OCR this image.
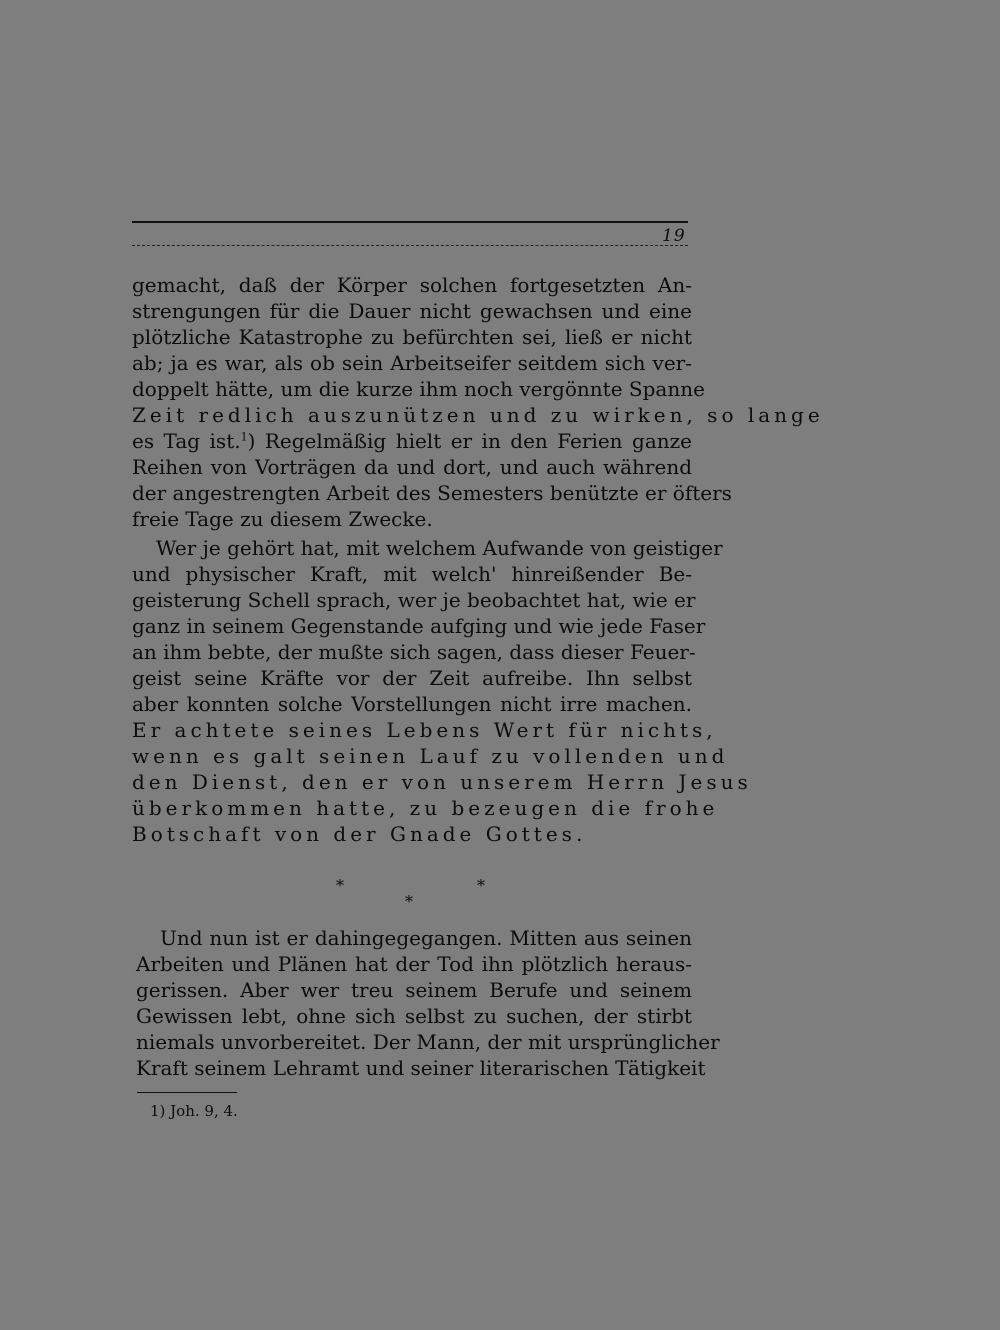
19
gemacht, daß der Körper solchen fortgesetzten An-
strengungen für die Dauer nicht gewachsen und eine
plötzliche Katastrophe zu befürchten sei, ließ er nicht
ab; ja es war, als ob sein Arbeitseifer seitdem sich ver-
doppelt hätte, um die kurze ihm noch vergönnte Spanne
Zeit redlich auszunützen und zu wirken, so lange
es Tag ist.$^1$) Regelmäßig hielt er in den Ferien ganze
Reihen von Vorträgen da und dort, und auch während
der angestrengten Arbeit des Semesters benützte er öfters
freie Tage zu diesem Zwecke.
Wer je gehört hat, mit welchem Aufwande von geistiger
und physischer Kraft, mit welch' hinreißender Be-
geisterung Schell sprach, wer je beobachtet hat, wie er
ganz in seinem Gegenstande aufging und wie jede Faser
an ihm bebte, der mußte sich sagen, dass dieser Feuer-
geist seine Kräfte vor der Zeit aufreibe. Ihn selbst
aber konnten solche Vorstellungen nicht irre machen.
Er achtete seines Lebens Wert für nichts,
wenn es galt seinen Lauf zu vollenden und
den Dienst, den er von unserem Herrn Jesus
überkommen hatte, zu bezeugen die frohe
Botschaft von der Gnade Gottes.
*
*
*
Und nun ist er dahingegegangen. Mitten aus seinen
Arbeiten und Plänen hat der Tod ihn plötzlich heraus-
gerissen. Aber wer treu seinem Berufe und seinem
Gewissen lebt, ohne sich selbst zu suchen, der stirbt
niemals unvorbereitet. Der Mann, der mit ursprünglicher
Kraft seinem Lehramt und seiner literarischen Tätigkeit
1) Joh. 9, 4.
